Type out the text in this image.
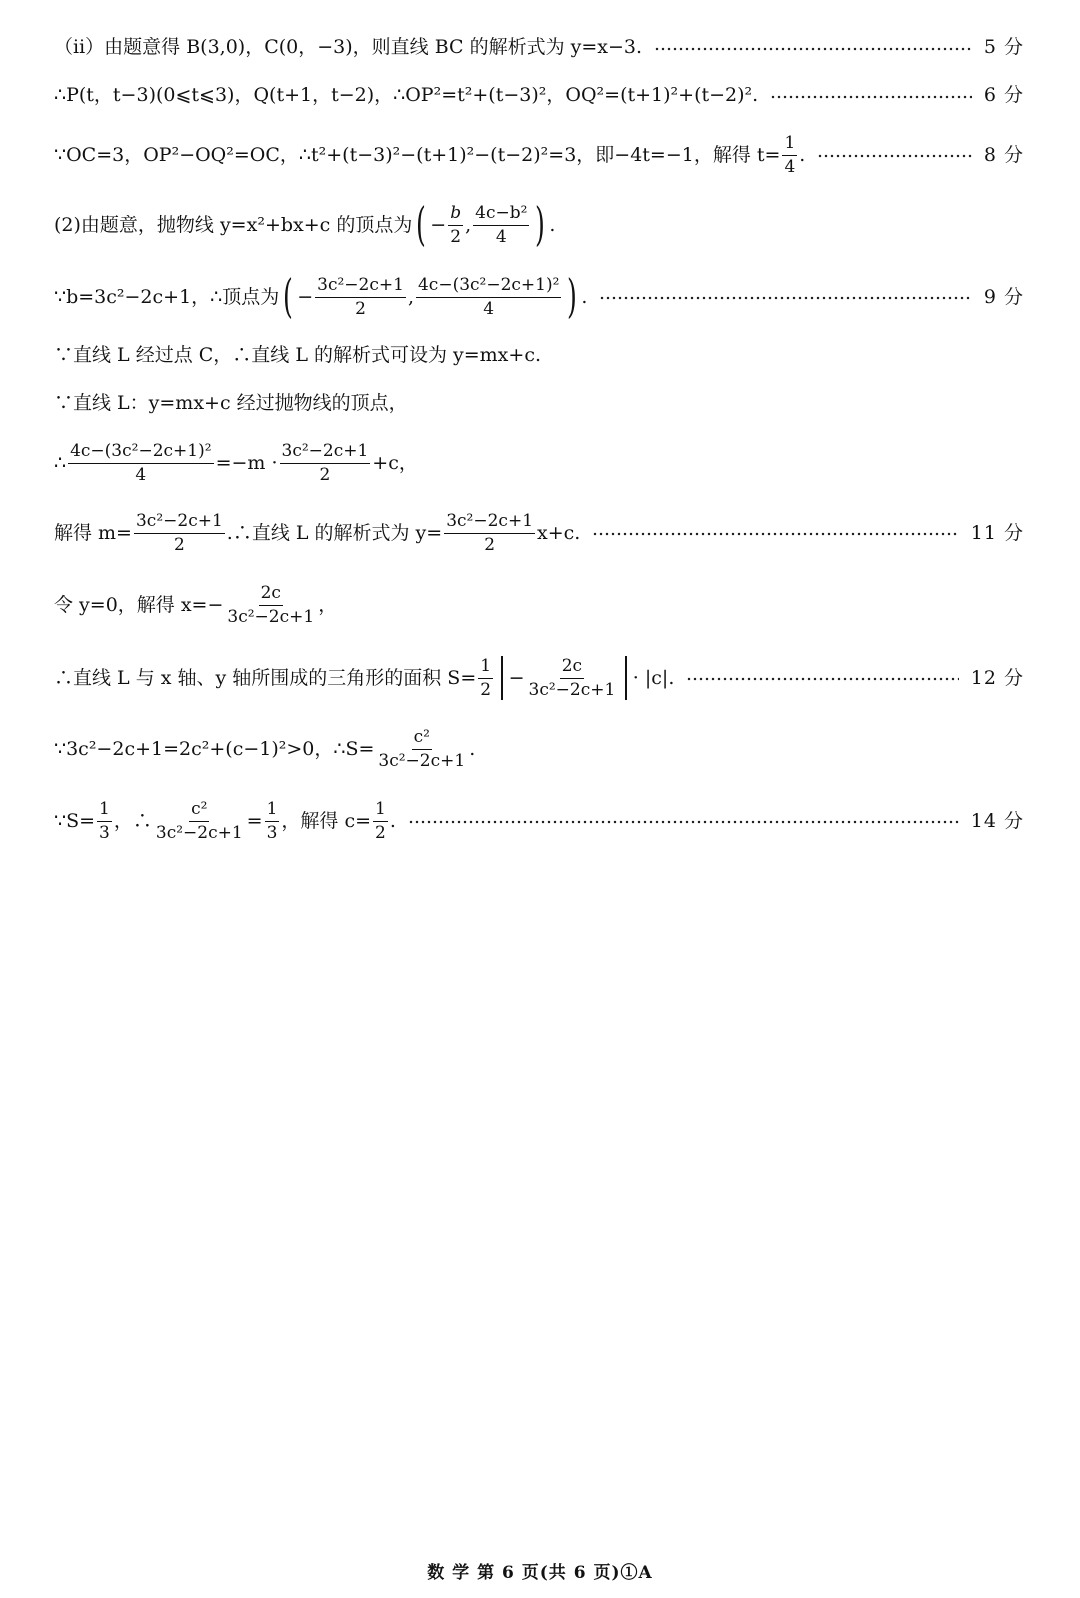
（ⅱ）由题意得 B(3,0)，C(0，−3)，则直线 BC 的解析式为 y=x−3.	5 分
∴P(t，t−3)(0⩽t⩽3)，Q(t+1，t−2)，∴OP²=t²+(t−3)²，OQ²=(t+1)²+(t−2)².	6 分
∵OC=3，OP²−OQ²=OC，∴t²+(t−3)²−(t+1)²−(t−2)²=3，即−4t=−1，解得 $t= \frac{1}{4}$ .	8 分
(2)由题意，抛物线 y=x²+bx+c 的顶点为 ( − $\frac{b}{2}$ , $\frac{\text{4c−b²}}{4}$ ) .
∵b=3c²−2c+1，∴顶点为 ( − $\frac{\text{3c²−2c+1}}{2}$ , $\frac{\text{4c−(3c²−2c+1)²}}{4}$ ) .	9 分
∵直线 L 经过点 C，∴直线 L 的解析式可设为 y=mx+c.
∵直线 L：y=mx+c 经过抛物线的顶点，
∴ $\frac{\text{4c−(3c²−2c+1)²}}{4} =-m \cdot \frac{\text{3c²−2c+1}}{2} +c$，
解得 $m= \frac{\text{3c²−2c+1}}{2}$ .∴直线 L 的解析式为 $y= \frac{\text{3c²−2c+1}}{2} x+c$.	11 分
令 y=0，解得 $x=- \frac{2c}{\text{3c²−2c+1}}$ ，
∴直线 L 与 x 轴、y 轴所围成的三角形的面积 $S= \frac{1}{2} - \frac{2c}{\text{3c²−2c+1}} \cdot |c|$.	12 分
∵3c²−2c+1=2c²+(c−1)²>0，∴S= $\frac{\text{c²}}{\text{3c²−2c+1}}$ .
∵S= $\frac{1}{3}$ ，∴ $\frac{\text{c²}}{\text{3c²−2c+1}} = \frac{1}{3}$ ，解得 $c= \frac{1}{2}$ .	14 分
数 学 第 6 页(共 6 页)①A
